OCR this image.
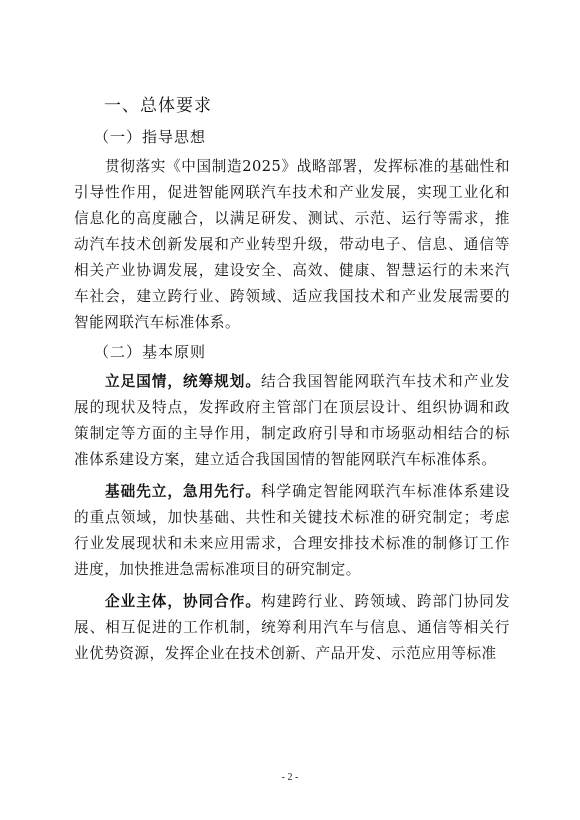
一、总体要求
（一）指导思想

贯彻落实《中国制造2025》战略部署，发挥标准的基础性和引导性作用，促进智能网联汽车技术和产业发展，实现工业化和信息化的高度融合，以满足研发、测试、示范、运行等需求，推动汽车技术创新发展和产业转型升级，带动电子、信息、通信等相关产业协调发展，建设安全、高效、健康、智慧运行的未来汽车社会，建立跨行业、跨领域、适应我国技术和产业发展需要的智能网联汽车标准体系。

（二）基本原则

立足国情，统筹规划。结合我国智能网联汽车技术和产业发展的现状及特点，发挥政府主管部门在顶层设计、组织协调和政策制定等方面的主导作用，制定政府引导和市场驱动相结合的标准体系建设方案，建立适合我国国情的智能网联汽车标准体系。

基础先立，急用先行。科学确定智能网联汽车标准体系建设的重点领域，加快基础、共性和关键技术标准的研究制定；考虑行业发展现状和未来应用需求，合理安排技术标准的制修订工作进度，加快推进急需标准项目的研究制定。

企业主体，协同合作。构建跨行业、跨领域、跨部门协同发展、相互促进的工作机制，统筹利用汽车与信息、通信等相关行业优势资源，发挥企业在技术创新、产品开发、示范应用等标准

- 2 -
